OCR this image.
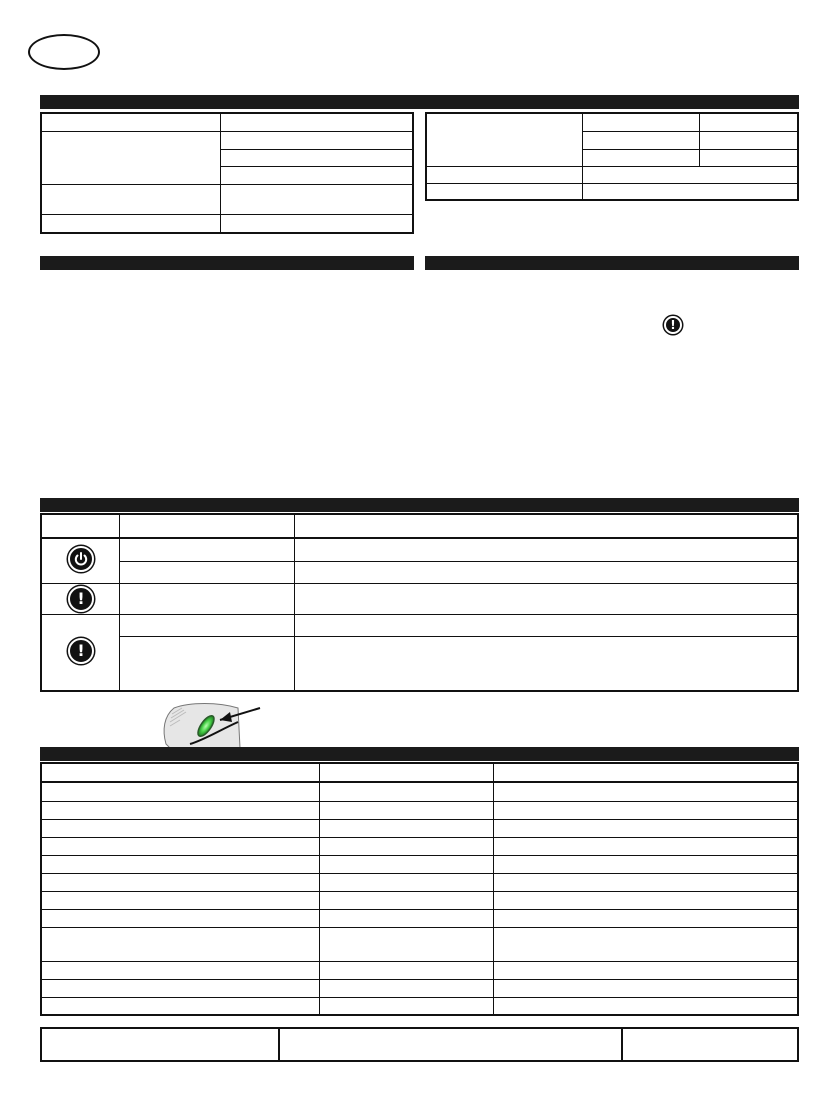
!
!
!
